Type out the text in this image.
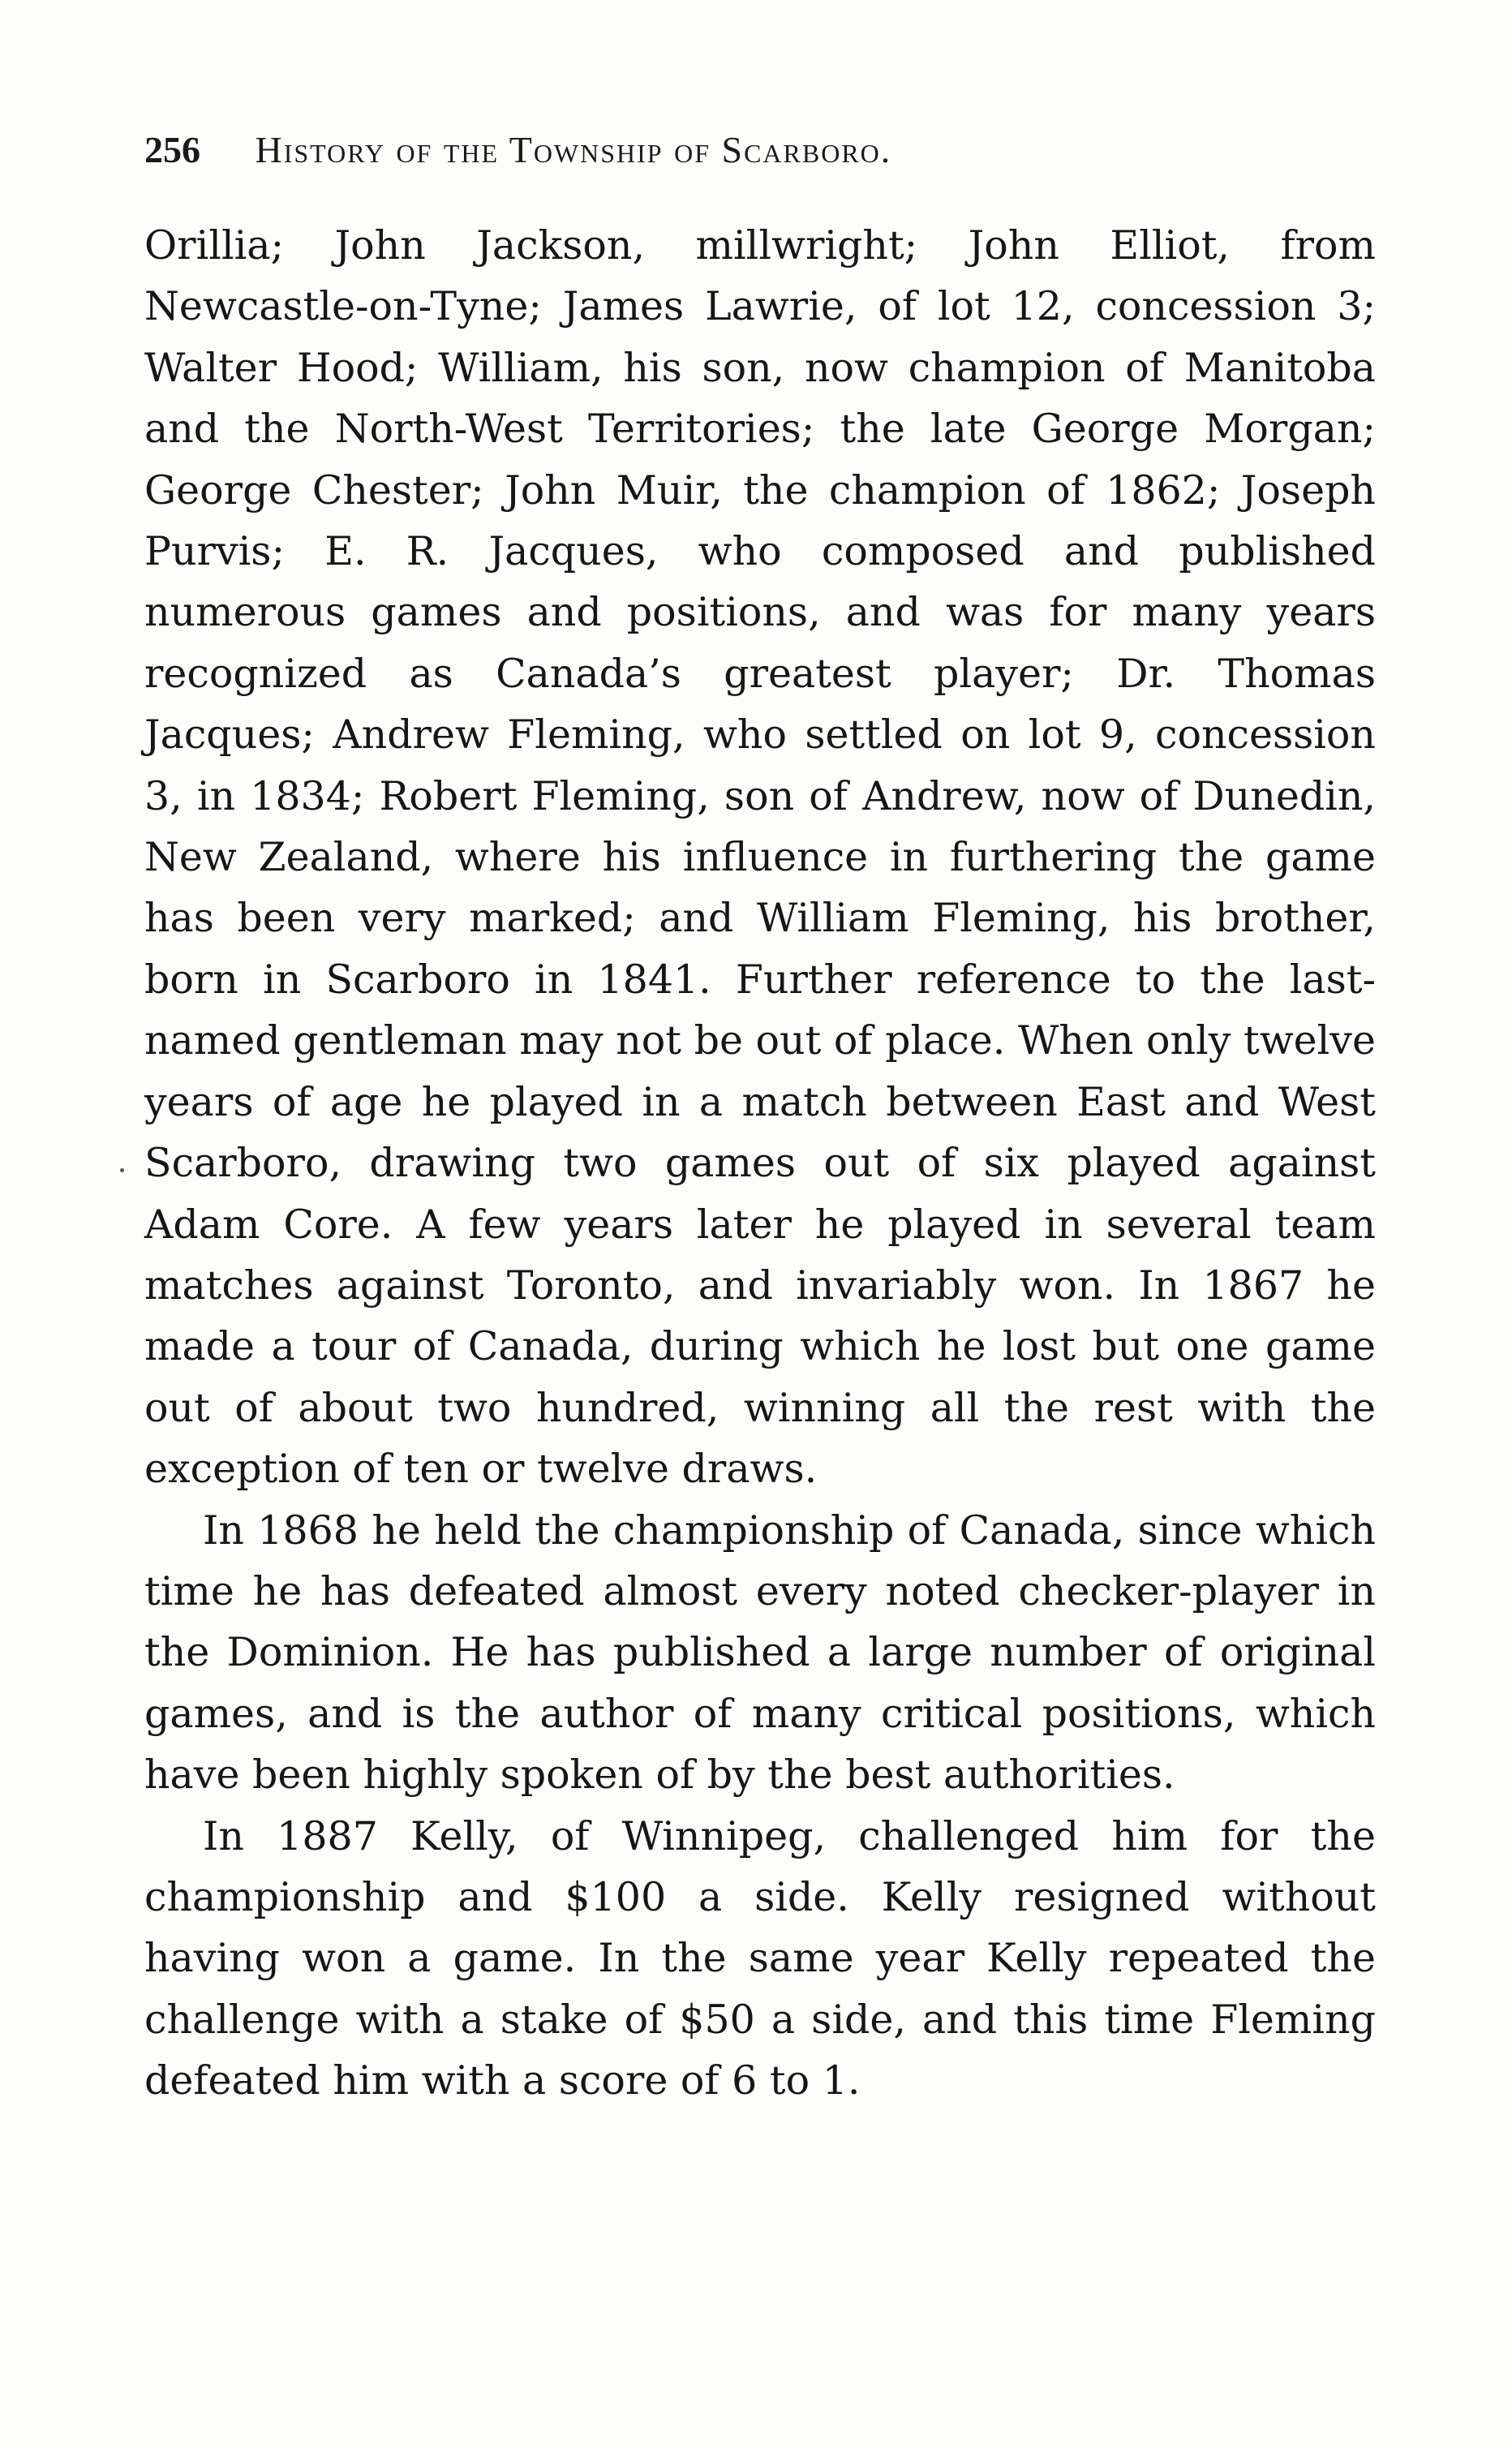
256 History of the Township of Scarboro.

Orillia; John Jackson, millwright; John Elliot, from Newcastle-on-Tyne; James Lawrie, of lot 12, concession 3; Walter Hood; William, his son, now champion of Manitoba and the North-West Territories; the late George Morgan; George Chester; John Muir, the champion of 1862; Joseph Purvis; E. R. Jacques, who composed and published numerous games and positions, and was for many years recognized as Canada’s greatest player; Dr. Thomas Jacques; Andrew Fleming, who settled on lot 9, concession 3, in 1834; Robert Fleming, son of Andrew, now of Dunedin, New Zealand, where his influence in furthering the game has been very marked; and William Fleming, his brother, born in Scarboro in 1841. Further reference to the last-named gentleman may not be out of place. When only twelve years of age he played in a match between East and West Scarboro, drawing two games out of six played against Adam Core. A few years later he played in several team matches against Toronto, and invariably won. In 1867 he made a tour of Canada, during which he lost but one game out of about two hundred, winning all the rest with the exception of ten or twelve draws.

In 1868 he held the championship of Canada, since which time he has defeated almost every noted checker-player in the Dominion. He has published a large number of original games, and is the author of many critical positions, which have been highly spoken of by the best authorities.

In 1887 Kelly, of Winnipeg, challenged him for the championship and $100 a side. Kelly resigned without having won a game. In the same year Kelly repeated the challenge with a stake of $50 a side, and this time Fleming defeated him with a score of 6 to 1.
